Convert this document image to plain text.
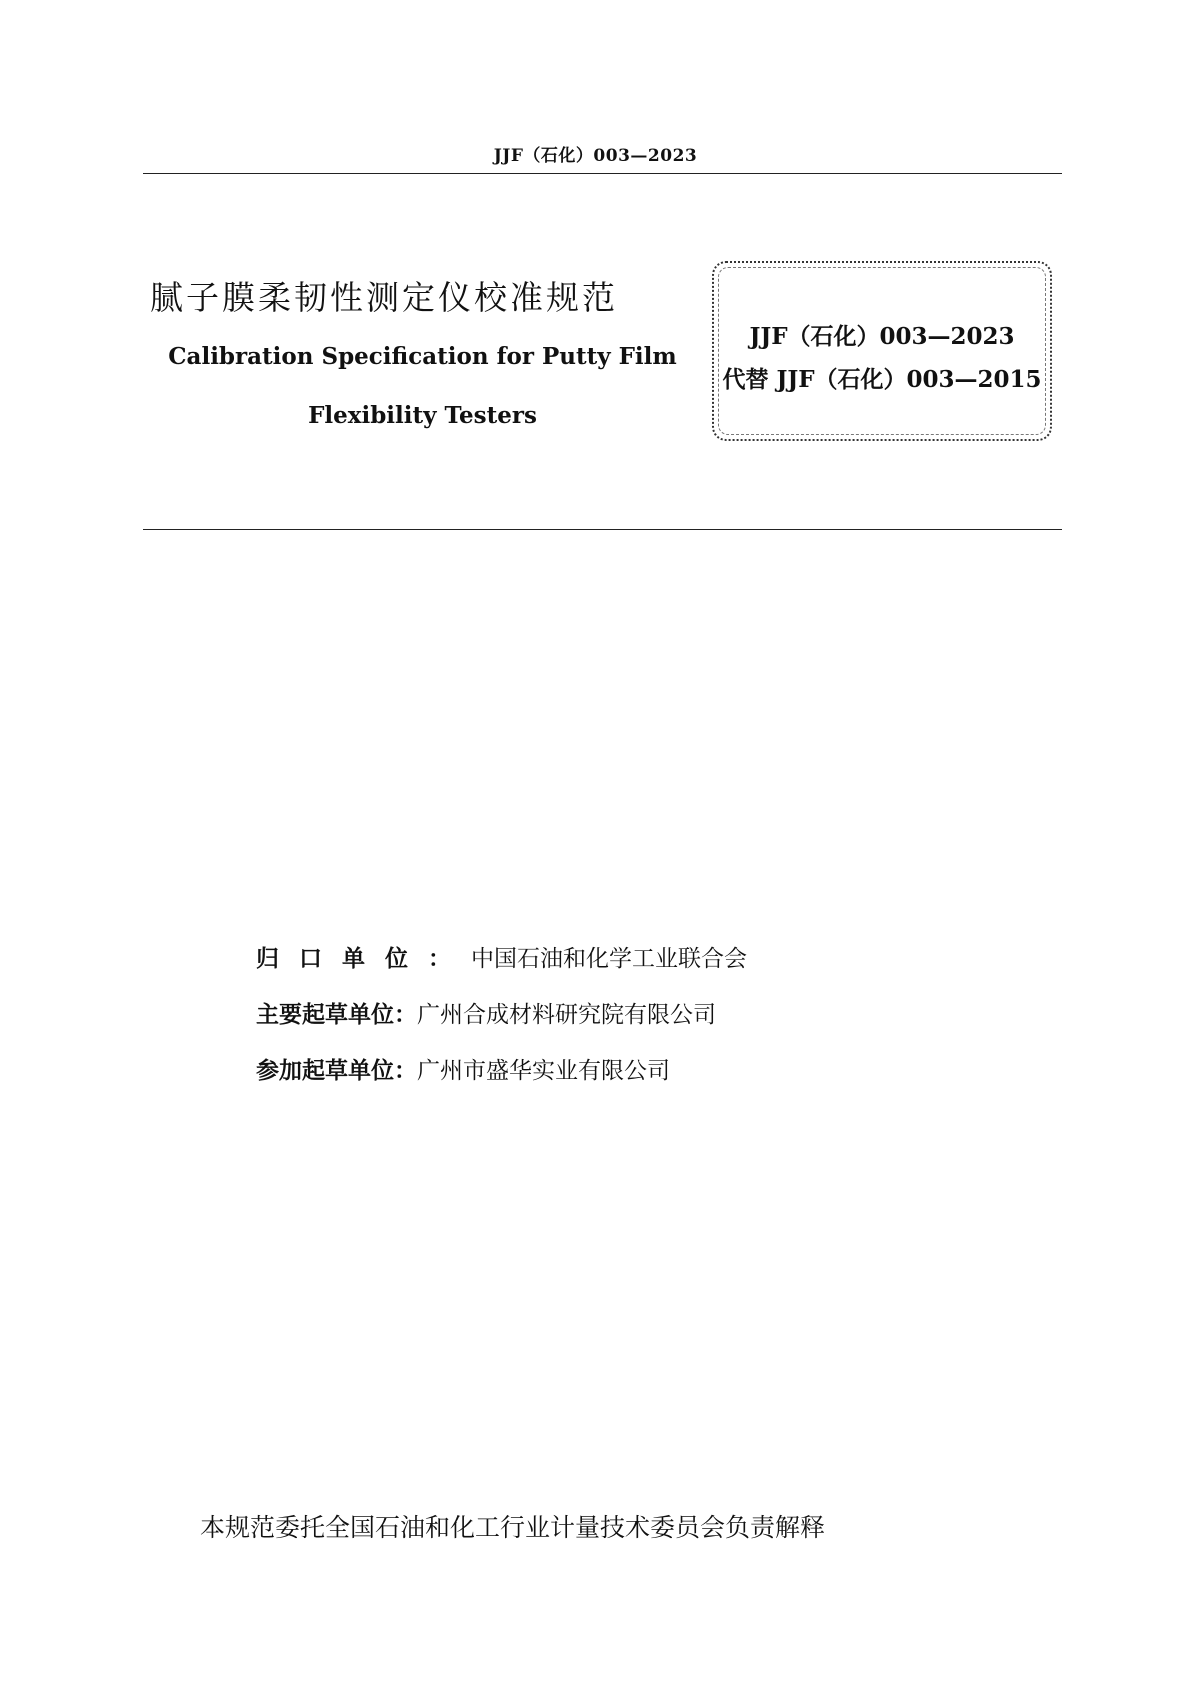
JJF（石化）003—2023
腻子膜柔韧性测定仪校准规范
Calibration Specification for Putty Film
Flexibility Testers
JJF（石化）003—2023
代替 JJF（石化）003—2015
归口单位： 中国石油和化学工业联合会
主要起草单位： 广州合成材料研究院有限公司
参加起草单位： 广州市盛华实业有限公司
本规范委托全国石油和化工行业计量技术委员会负责解释
